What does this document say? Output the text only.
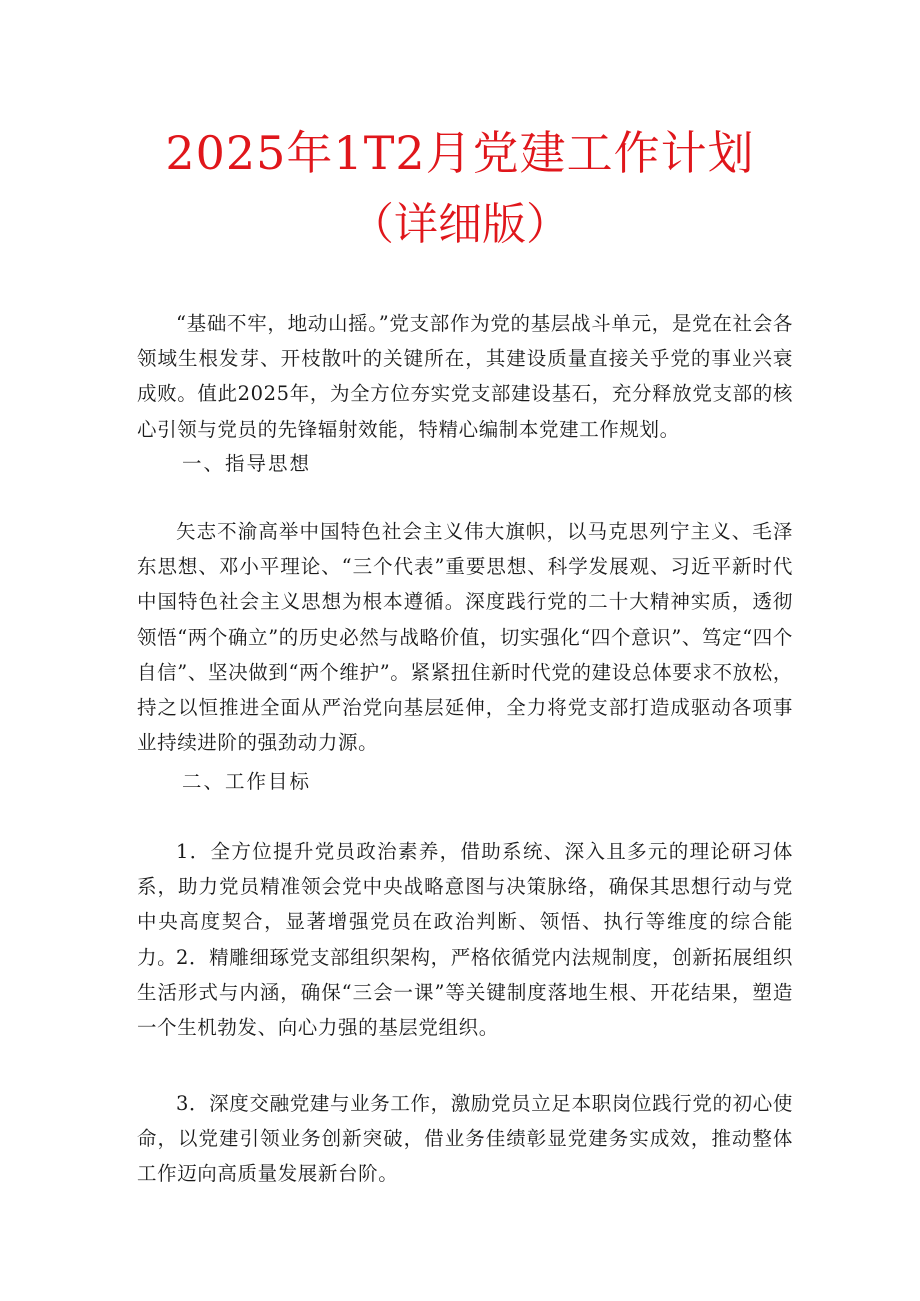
2025年1T2月党建工作计划
（详细版）

“基础不牢，地动山摇。”党支部作为党的基层战斗单元，是党在社会各领域生根发芽、开枝散叶的关键所在，其建设质量直接关乎党的事业兴衰成败。值此2025年，为全方位夯实党支部建设基石，充分释放党支部的核心引领与党员的先锋辐射效能，特精心编制本党建工作规划。

一、指导思想

矢志不渝高举中国特色社会主义伟大旗帜，以马克思列宁主义、毛泽东思想、邓小平理论、“三个代表”重要思想、科学发展观、习近平新时代中国特色社会主义思想为根本遵循。深度践行党的二十大精神实质，透彻领悟“两个确立”的历史必然与战略价值，切实强化“四个意识”、笃定“四个自信”、坚决做到“两个维护”。紧紧扭住新时代党的建设总体要求不放松，持之以恒推进全面从严治党向基层延伸，全力将党支部打造成驱动各项事业持续进阶的强劲动力源。

二、工作目标

1．全方位提升党员政治素养，借助系统、深入且多元的理论研习体系，助力党员精准领会党中央战略意图与决策脉络，确保其思想行动与党中央高度契合，显著增强党员在政治判断、领悟、执行等维度的综合能力。

2．精雕细琢党支部组织架构，严格依循党内法规制度，创新拓展组织生活形式与内涵，确保“三会一课”等关键制度落地生根、开花结果，塑造一个生机勃发、向心力强的基层党组织。

3．深度交融党建与业务工作，激励党员立足本职岗位践行党的初心使命，以党建引领业务创新突破，借业务佳绩彰显党建务实成效，推动整体工作迈向高质量发展新台阶。
